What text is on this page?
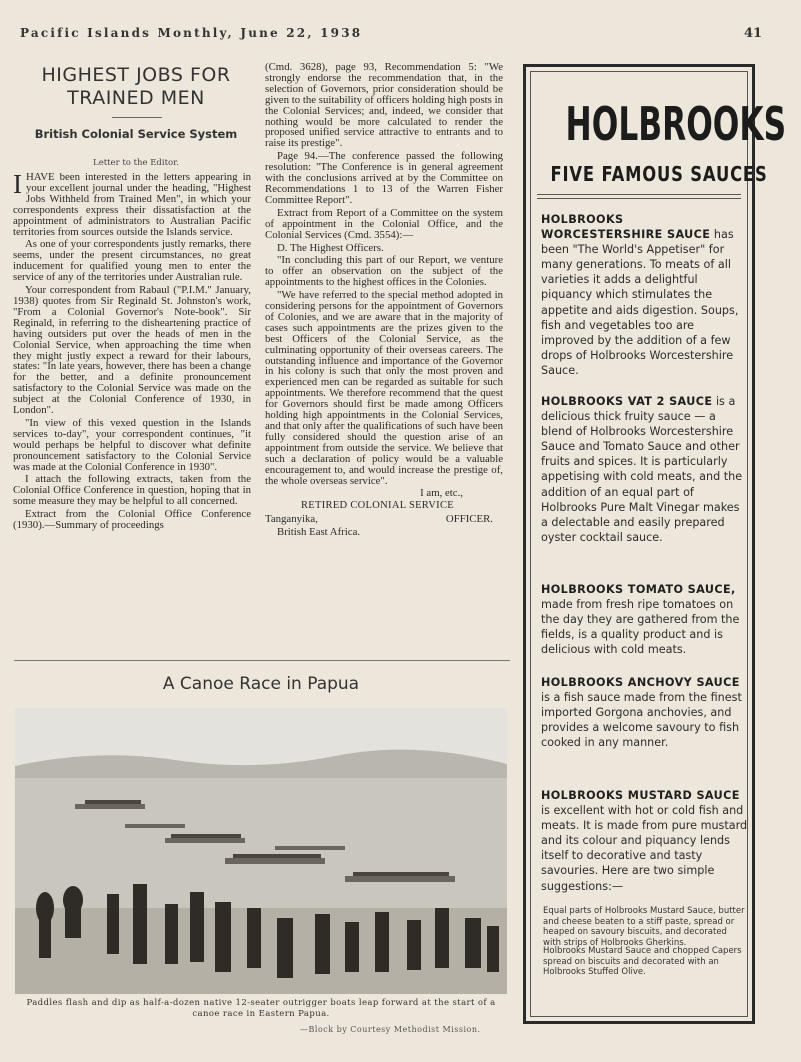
Pacific Islands Monthly, June 22, 1938	41
HIGHEST JOBS FOR
TRAINED MEN
British Colonial Service System
Letter to the Editor.

IHAVE been interested in the letters appearing in your excellent journal under the heading, "Highest Jobs Withheld from Trained Men", in which your correspondents express their dissatisfaction at the appointment of administrators to Australian Pacific territories from sources outside the Islands service.

As one of your correspondents justly remarks, there seems, under the present circumstances, no great inducement for qualified young men to enter the service of any of the territories under Australian rule.

Your correspondent from Rabaul ("P.I.M." January, 1938) quotes from Sir Reginald St. Johnston's work, "From a Colonial Governor's Note-book". Sir Reginald, in referring to the disheartening practice of having outsiders put over the heads of men in the Colonial Service, when approaching the time when they might justly expect a reward for their labours, states: "In late years, however, there has been a change for the better, and a definite pronouncement satisfactory to the Colonial Service was made on the subject at the Colonial Conference of 1930, in London".

"In view of this vexed question in the Islands services to-day", your correspondent continues, "it would perhaps be helpful to discover what definite pronouncement satisfactory to the Colonial Service was made at the Colonial Conference in 1930".

I attach the following extracts, taken from the Colonial Office Conference in question, hoping that in some measure they may be helpful to all concerned.

Extract from the Colonial Office Conference (1930).—Summary of proceedings

(Cmd. 3628), page 93, Recommendation 5: "We strongly endorse the recommendation that, in the selection of Governors, prior consideration should be given to the suitability of officers holding high posts in the Colonial Services; and, indeed, we consider that nothing would be more calculated to render the proposed unified service attractive to entrants and to raise its prestige".

Page 94.—The conference passed the following resolution: "The Conference is in general agreement with the conclusions arrived at by the Committee on Recommendations 1 to 13 of the Warren Fisher Committee Report".

Extract from Report of a Committee on the system of appointment in the Colonial Office, and the Colonial Services (Cmd. 3554):—

D. The Highest Officers.

"In concluding this part of our Report, we venture to offer an observation on the subject of the appointments to the highest offices in the Colonies.

"We have referred to the special method adopted in considering persons for the appointment of Governors of Colonies, and we are aware that in the majority of cases such appointments are the prizes given to the best Officers of the Colonial Service, as the culminating opportunity of their overseas careers. The outstanding influence and importance of the Governor in his colony is such that only the most proven and experienced men can be regarded as suitable for such appointments. We therefore recommend that the quest for Governors should first be made among Officers holding high appointments in the Colonial Services, and that only after the qualifications of such have been fully considered should the question arise of an appointment from outside the service. We believe that such a declaration of policy would be a valuable encouragement to, and would increase the prestige of, the whole overseas service".

I am, etc.,

RETIRED COLONIAL SERVICE

Tanganyika,	OFFICER.

British East Africa.

A Canoe Race in Papua
Paddles flash and dip as half-a-dozen native 12-seater outrigger boats leap forward at the start of a canoe race in Eastern Papua.
—Block by Courtesy Methodist Mission.
HOLBROOKS
FIVE FAMOUS SAUCES
HOLBROOKS WORCESTERSHIRE SAUCE has been "The World's Appetiser" for many generations. To meats of all varieties it adds a delightful piquancy which stimulates the appetite and aids digestion. Soups, fish and vegetables too are improved by the addition of a few drops of Holbrooks Worcestershire Sauce.
HOLBROOKS VAT 2 SAUCE is a delicious thick fruity sauce — a blend of Holbrooks Worcestershire Sauce and Tomato Sauce and other fruits and spices. It is particularly appetising with cold meats, and the addition of an equal part of Holbrooks Pure Malt Vinegar makes a delectable and easily prepared oyster cocktail sauce.
HOLBROOKS TOMATO SAUCE, made from fresh ripe tomatoes on the day they are gathered from the fields, is a quality product and is delicious with cold meats.
HOLBROOKS ANCHOVY SAUCE is a fish sauce made from the finest imported Gorgona anchovies, and provides a welcome savoury to fish cooked in any manner.
HOLBROOKS MUSTARD SAUCE is excellent with hot or cold fish and meats. It is made from pure mustard and its colour and piquancy lends itself to decorative and tasty savouries. Here are two simple suggestions:—
Equal parts of Holbrooks Mustard Sauce, butter and cheese beaten to a stiff paste, spread or heaped on savoury biscuits, and decorated with strips of Holbrooks Gherkins.
Holbrooks Mustard Sauce and chopped Capers spread on biscuits and decorated with an Holbrooks Stuffed Olive.
